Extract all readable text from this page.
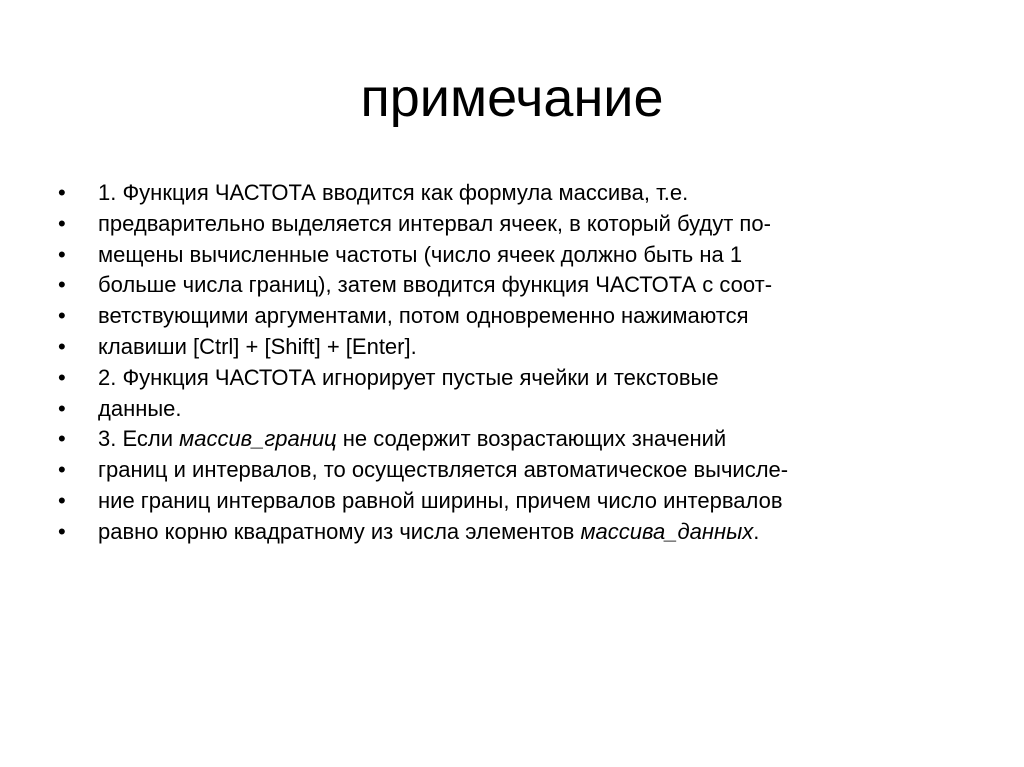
примечание
•	1. Функция ЧАСТОТА вводится как формула массива, т.е.
•	предварительно выделяется интервал ячеек, в который будут по-
•	мещены вычисленные частоты (число ячеек должно быть на 1
•	больше числа границ), затем вводится функция ЧАСТОТА с соот-
•	ветствующими аргументами, потом одновременно нажимаются
•	клавиши [Ctrl] + [Shift] + [Enter].
•	2. Функция ЧАСТОТА игнорирует пустые ячейки и текстовые
•	данные.
•	3. Если массив_границ не содержит возрастающих значений
•	границ и интервалов, то осуществляется автоматическое вычисле-
•	ние границ интервалов равной ширины, причем число интервалов
•	равно корню квадратному из числа элементов массива_данных.
